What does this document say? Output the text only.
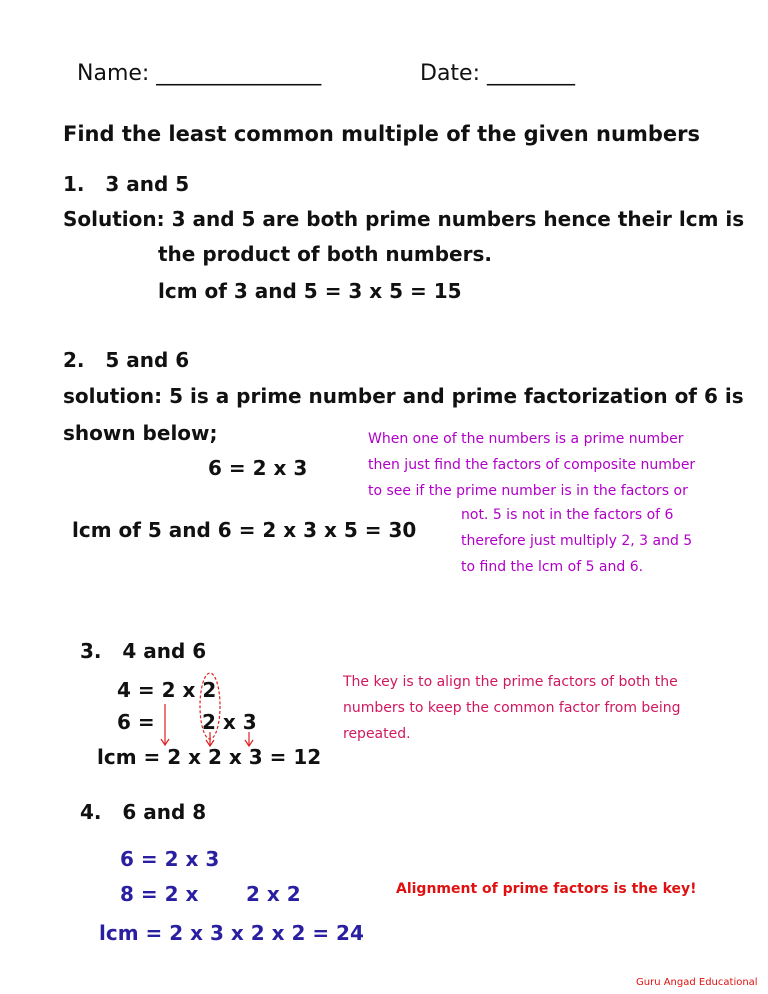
Name: _______________	Date: ________
Find the least common multiple of the given numbers
1.   3 and 5
Solution: 3 and 5 are both prime numbers hence their lcm is
the product of both numbers.
lcm of 3 and 5 = 3 x 5 = 15
2.   5 and 6
solution: 5 is a prime number and prime factorization of 6 is
shown below;
6 = 2 x 3
lcm of 5 and 6 = 2 x 3 x 5 = 30
When one of the numbers is a prime number
then just find the factors of composite number
to see if the prime number is in the factors or
not. 5 is not in the factors of 6
therefore just multiply 2, 3 and 5
to find the lcm of 5 and 6.
3.   4 and 6
4 = 2 x 2
6 = 2 x 3
lcm = 2 x 2 x 3 = 12
The key is to align the prime factors of both the
numbers to keep the common factor from being
repeated.
4.   6 and 8
6 = 2 x 3
8 = 2 x 2 x 2
lcm = 2 x 3 x 2 x 2 = 24
Alignment of prime factors is the key!
Guru Angad Educational
